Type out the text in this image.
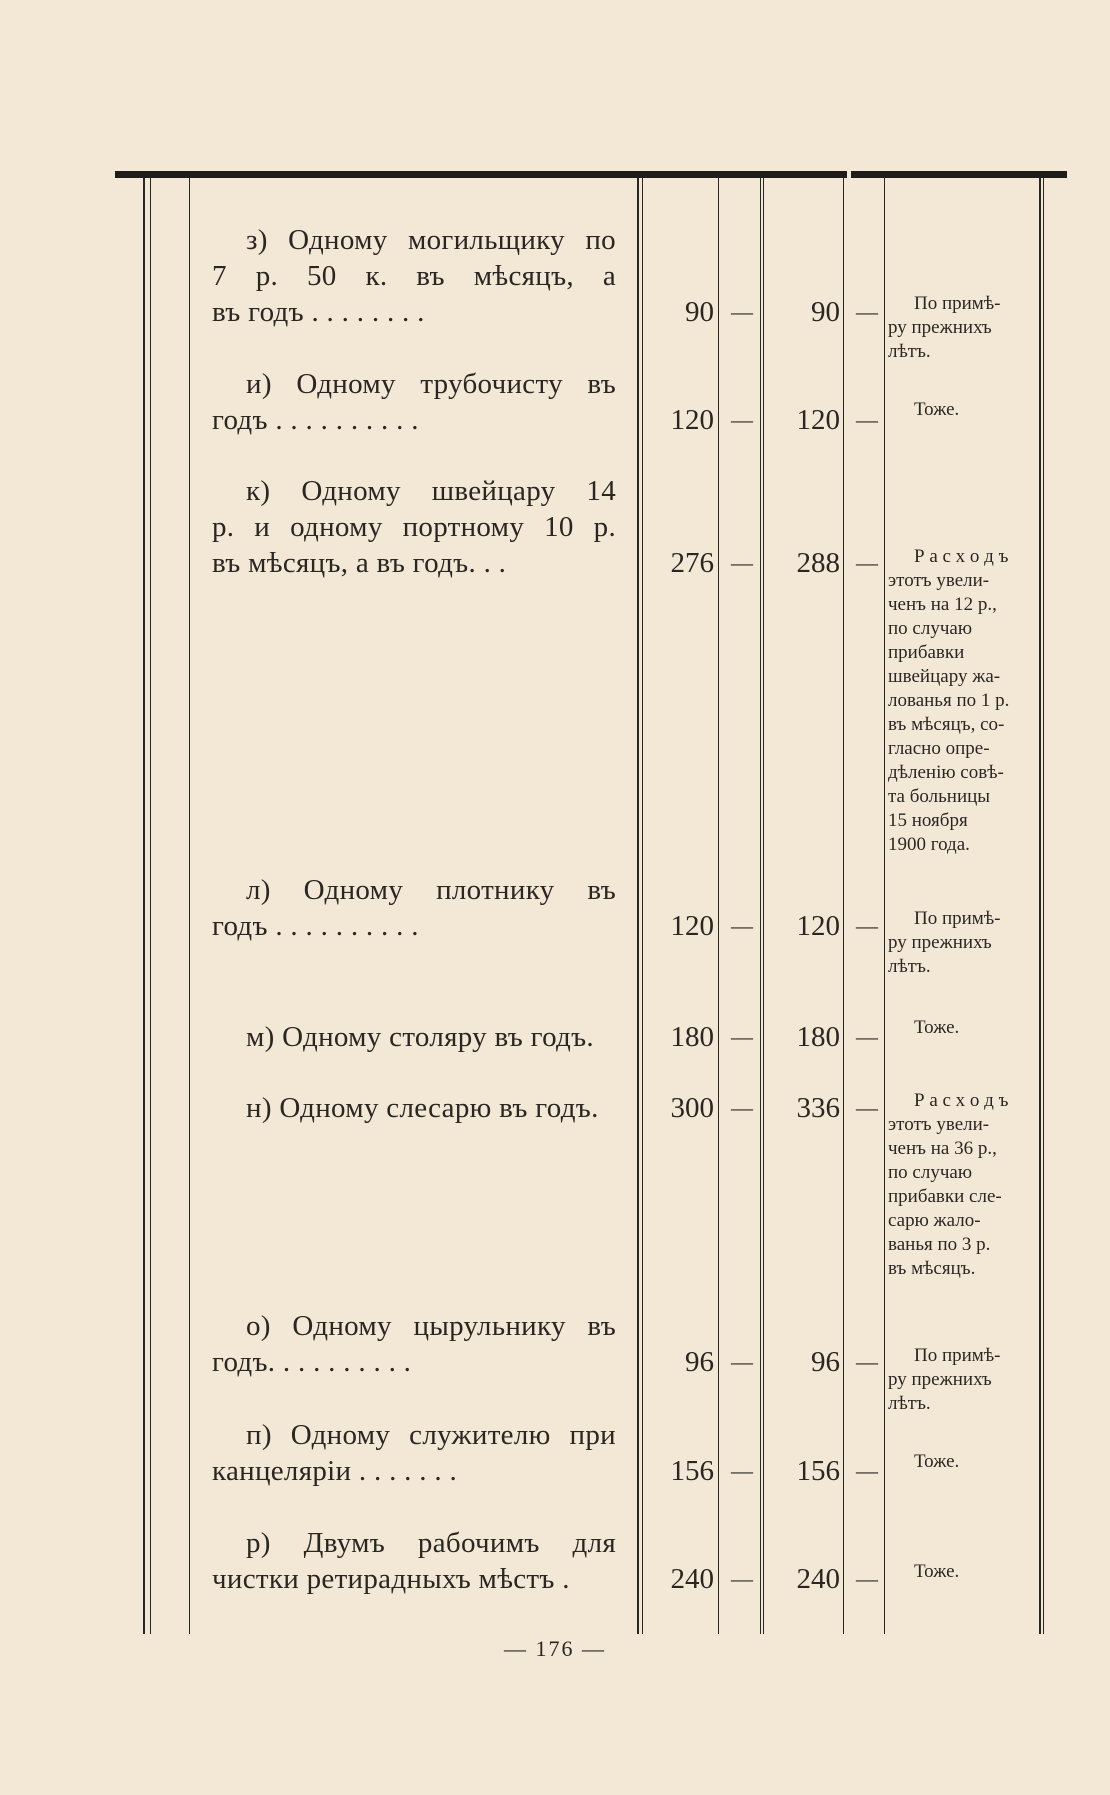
з) Одному могильщику по
7 р. 50 к. въ мѣсяцъ, а
въ годъ . . . . . . . .	90 —	90 —	По примѣ-
ру прежнихъ
лѣтъ.
и) Одному трубочисту въ
годъ . . . . . . . . . .	120 —	120 —	Тоже.
к) Одному швейцару 14
р. и одному портному 10 р.
въ мѣсяцъ, а въ годъ. . .	276 —	288 —	Р а с х о д ъ
этотъ увели-
ченъ на 12 р.,
по случаю
прибавки
швейцару жа-
лованья по 1 р.
въ мѣсяцъ, со-
гласно опре-
дѣленію совѣ-
та больницы
15 ноября
1900 года.
л) Одному плотнику въ
годъ . . . . . . . . . .	120 —	120 —	По примѣ-
ру прежнихъ
лѣтъ.
м) Одному столяру въ годъ.	180 —	180 —	Тоже.
н) Одному слесарю въ годъ.	300 —	336 —	Р а с х о д ъ
этотъ увели-
ченъ на 36 р.,
по случаю
прибавки сле-
сарю жало-
ванья по 3 р.
въ мѣсяцъ.
о) Одному цырульнику въ
годъ. . . . . . . . . .	96 —	96 —	По примѣ-
ру прежнихъ
лѣтъ.
п) Одному служителю при
канцеляріи . . . . . . .	156 —	156 —	Тоже.
р) Двумъ рабочимъ для
чистки ретирадныхъ мѣстъ .	240 —	240 —	Тоже.
— 176 —
